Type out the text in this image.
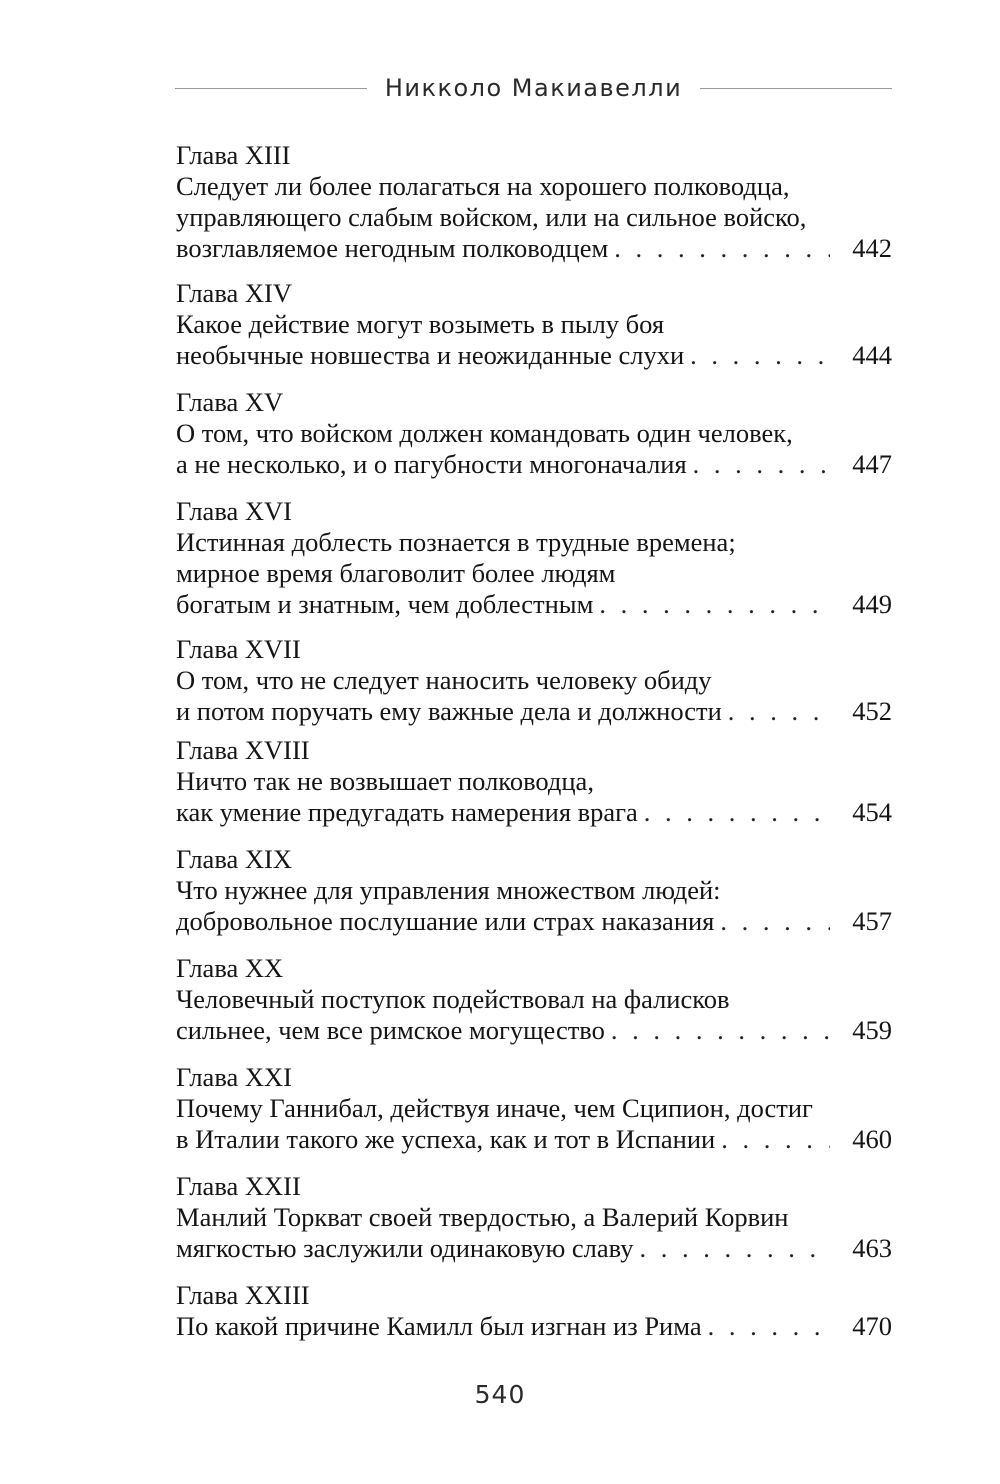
Никколо Макиавелли
Глава XIII
Следует ли более полагаться на хорошего полководца,
управляющего слабым войском, или на сильное войско,
возглавляемое негодным полководцем . . .	442
Глава XIV
Какое действие могут возыметь в пылу боя
необычные новшества и неожиданные слухи . . .	444
Глава XV
О том, что войском должен командовать один человек,
а не несколько, и о пагубности многоначалия . . .	447
Глава XVI
Истинная доблесть познается в трудные времена;
мирное время благоволит более людям
богатым и знатным, чем доблестным . . .	449
Глава XVII
О том, что не следует наносить человеку обиду
и потом поручать ему важные дела и должности . . .	452
Глава XVIII
Ничто так не возвышает полководца,
как умение предугадать намерения врага . . .	454
Глава XIX
Что нужнее для управления множеством людей:
добровольное послушание или страх наказания . . .	457
Глава XX
Человечный поступок подействовал на фалисков
сильнее, чем все римское могущество . . .	459
Глава XXI
Почему Ганнибал, действуя иначе, чем Сципион, достиг
в Италии такого же успеха, как и тот в Испании . . .	460
Глава XXII
Манлий Торкват своей твердостью, а Валерий Корвин
мягкостью заслужили одинаковую славу . . .	463
Глава XXIII
По какой причине Камилл был изгнан из Рима . . .	470
540
